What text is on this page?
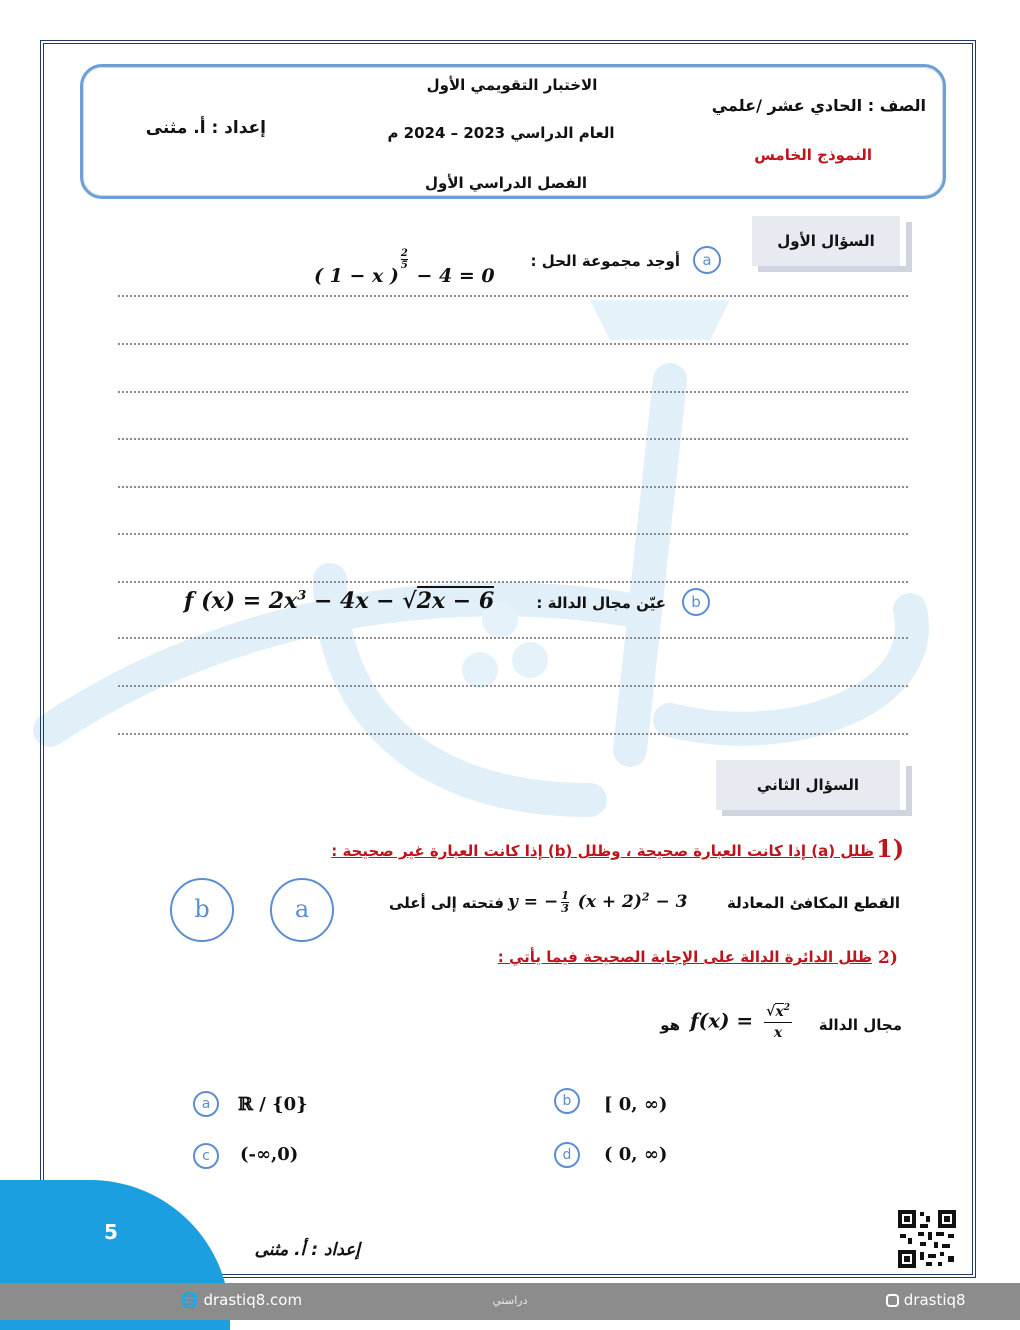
الاختبار التقويمي الأول
العام الدراسي 2023 – 2024 م
الفصل الدراسي الأول
الصف : الحادي عشر /علمي
النموذج الخامس
إعداد : أ. مثنى
السؤال الأول
a
أوجد مجموعة الحل :
( 1 − x )
$\frac{2}{5}$
− 4 = 0
b
عيّن مجال الدالة :
f $(x) = 2x^3 - 4x - √2x - 6$
السؤال الثاني
1)
ظلل (a) إذا كانت العبارة صحيحة ، وظلل (b) إذا كانت العبارة غير صحيحة :
b	a	القطع المكافئ المعادلة
y = − $\frac{1}{3} (x + 2)^2 - 3$
فتحته إلى أعلى
2)
ظلل الدائرة الدالة على الإجابة الصحيحة فيما يأتي :
مجال الدالة
$f(x) = \frac{√x^2}{x}$
هو
a	ℝ / {0}	b	[ 0, ∞)
c	(-∞,0)	d	( 0, ∞)
5
إعداد : أ. مثنى
🌐 drastiq8.com	دراستي	drastiq8
